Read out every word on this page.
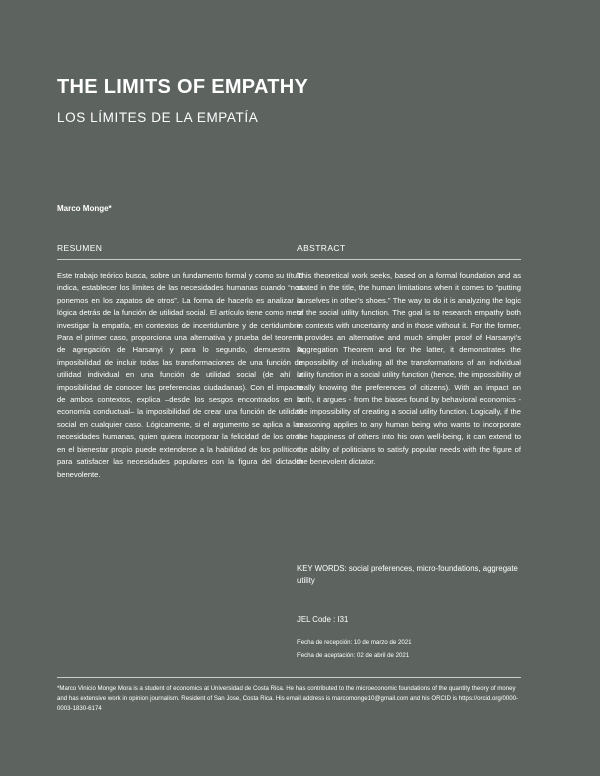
THE LIMITS OF EMPATHY
LOS LÍMITES DE LA EMPATÍA
Marco Monge*
RESUMEN

Este trabajo teórico busca, sobre un fundamento formal y como su título indica, establecer los límites de las necesidades humanas cuando “nos ponemos en los zapatos de otros”. La forma de hacerlo es analizar la lógica detrás de la función de utilidad social. El artículo tiene como meta investigar la empatía, en contextos de incertidumbre y de certidumbre. Para el primer caso, proporciona una alternativa y prueba del teorema de agregación de Harsanyi y para lo segundo, demuestra la imposibilidad de incluir todas las transformaciones de una función de utilidad individual en una función de utilidad social (de ahí la imposibilidad de conocer las preferencias ciudadanas). Con el impacto de ambos contextos, explica –desde los sesgos encontrados en la economía conductual– la imposibilidad de crear una función de utilidad social en cualquier caso. Lógicamente, si el argumento se aplica a las necesidades humanas, quien quiera incorporar la felicidad de los otros en el bienestar propio puede extenderse a la habilidad de los políticos, para satisfacer las necesidades populares con la figura del dictador benevolente.

ABSTRACT

This theoretical work seeks, based on a formal foundation and as stated in the title, the human limitations when it comes to “putting ourselves in other’s shoes.” The way to do it is analyzing the logic of the social utility function. The goal is to research empathy both in contexts with uncertainty and in those without it. For the former, it provides an alternative and much simpler proof of Harsanyi’s Aggregation Theorem and for the latter, it demonstrates the impossibility of including all the transformations of an individual utility function in a social utility function (hence, the impossibility of really knowing the preferences of citizens). With an impact on both, it argues - from the biases found by behavioral economics - the impossibility of creating a social utility function. Logically, if the reasoning applies to any human being who wants to incorporate the happiness of others into his own well-being, it can extend to the ability of politicians to satisfy popular needs with the figure of the benevolent dictator.

KEY WORDS: social preferences, micro-foundations, aggregate utility
JEL Code : I31
Fecha de recepción: 10 de marzo de 2021
Fecha de aceptación: 02 de abril de 2021

*Marco Vinicio Monge Mora is a student of economics at Universidad de Costa Rica. He has contributed to the microeconomic foundations of the quantity theory of money and has extensive work in opinion journalism. Resident of San Jose, Costa Rica. His email address is marcomonge10@gmail.com and his ORCID is https://orcid.org/0000-0003-1830-6174
